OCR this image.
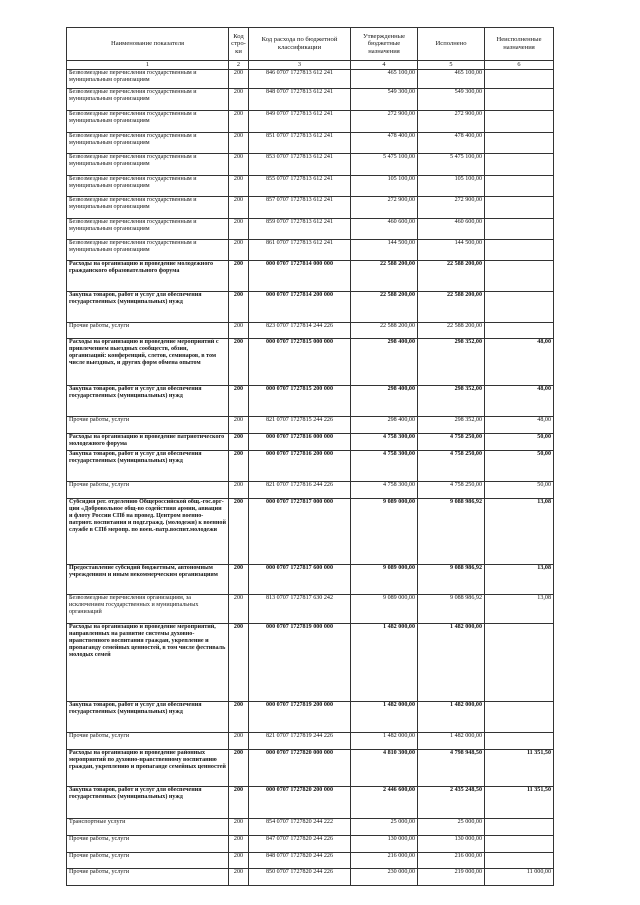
Наименование показателя	Код стро-ки	Код расхода по бюджетной классификации	Утвержденные бюджетные назначения	Исполнено	Неисполненные назначения
1	2	3	4	5	6
Безвозмездные перечисления государственным и муниципальным организациям	200	846 0707 1727813 612 241	465 100,00	465 100,00	
Безвозмездные перечисления государственным и муниципальным организациям	200	848 0707 1727813 612 241	549 300,00	549 300,00	
Безвозмездные перечисления государственным и муниципальным организациям	200	849 0707 1727813 612 241	272 900,00	272 900,00	
Безвозмездные перечисления государственным и муниципальным организациям	200	851 0707 1727813 612 241	478 400,00	478 400,00	
Безвозмездные перечисления государственным и муниципальным организациям	200	853 0707 1727813 612 241	5 475 100,00	5 475 100,00	
Безвозмездные перечисления государственным и муниципальным организациям	200	855 0707 1727813 612 241	105 100,00	105 100,00	
Безвозмездные перечисления государственным и муниципальным организациям	200	857 0707 1727813 612 241	272 900,00	272 900,00	
Безвозмездные перечисления государственным и муниципальным организациям	200	859 0707 1727813 612 241	460 600,00	460 600,00	
Безвозмездные перечисления государственным и муниципальным организациям	200	861 0707 1727813 612 241	144 500,00	144 500,00	
Расходы на организацию и проведение молодежного гражданского образовательного форума	200	000 0707 1727814 000 000	22 588 200,00	22 588 200,00	
Закупка товаров, работ и услуг для обеспечения государственных (муниципальных) нужд	200	000 0707 1727814 200 000	22 588 200,00	22 588 200,00	
Прочие работы, услуги	200	823 0707 1727814 244 226	22 588 200,00	22 588 200,00	
Расходы на организацию и проведение мероприятий с привлечением выездных сообществ, обзин, организаций: конференций, слетов, семинаров, в том числе выездных, и других форм обмена опытом	200	000 0707 1727815 000 000	298 400,00	298 352,00	48,00
Закупка товаров, работ и услуг для обеспечения государственных (муниципальных) нужд	200	000 0707 1727815 200 000	298 400,00	298 352,00	48,00
Прочие работы, услуги	200	821 0707 1727815 244 226	298 400,00	298 352,00	48,00
Расходы на организацию и проведение патриотического молодежного форума	200	000 0707 1727816 000 000	4 758 300,00	4 758 250,00	50,00
Закупка товаров, работ и услуг для обеспечения государственных (муниципальных) нужд	200	000 0707 1727816 200 000	4 758 300,00	4 758 250,00	50,00
Прочие работы, услуги	200	821 0707 1727816 244 226	4 758 300,00	4 758 250,00	50,00
Субсидия рег. отделению Общероссийской общ.-гос.орг-ции «Добровольное общ-во содействия армии, авиации и флоту России СПб на провед. Центром военно-патриот. воспитания и подг.гражд. (молодежи) к военной службе в СПб меропр. по воен.-патр.воспит.молодежи	200	000 0707 1727817 000 000	9 089 000,00	9 088 986,92	13,08
Предоставление субсидий бюджетным, автономным учреждениям и иным некоммерческим организациям	200	000 0707 1727817 600 000	9 089 000,00	9 088 986,92	13,08
Безвозмездные перечисления организациям, за исключением государственных и муниципальных организаций	200	813 0707 1727817 630 242	9 089 000,00	9 088 986,92	13,08
Расходы на организацию и проведение мероприятий, направленных на развитие системы духовно-нравственного воспитания граждан, укрепление и пропаганду семейных ценностей, в том числе фестиваль молодых семей	200	000 0707 1727819 000 000	1 482 000,00	1 482 000,00	
Закупка товаров, работ и услуг для обеспечения государственных (муниципальных) нужд	200	000 0707 1727819 200 000	1 482 000,00	1 482 000,00	
Прочие работы, услуги	200	821 0707 1727819 244 226	1 482 000,00	1 482 000,00	
Расходы на организацию и проведение районных мероприятий по духовно-нравственному воспитанию граждан, укреплению и пропаганде семейных ценностей	200	000 0707 1727820 000 000	4 810 300,00	4 798 948,50	11 351,50
Закупка товаров, работ и услуг для обеспечения государственных (муниципальных) нужд	200	000 0707 1727820 200 000	2 446 600,00	2 435 248,50	11 351,50
Транспортные услуги	200	854 0707 1727820 244 222	25 000,00	25 000,00	
Прочие работы, услуги	200	847 0707 1727820 244 226	130 000,00	130 000,00	
Прочие работы, услуги	200	848 0707 1727820 244 226	216 000,00	216 000,00	
Прочие работы, услуги	200	850 0707 1727820 244 226	230 000,00	219 000,00	11 000,00
